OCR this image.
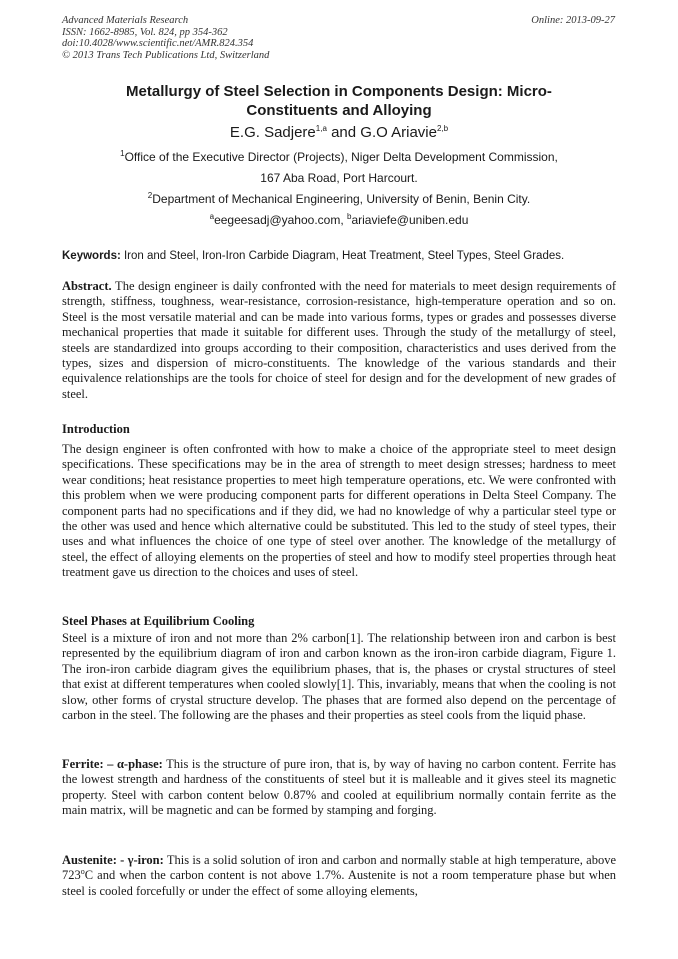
Advanced Materials Research
ISSN: 1662-8985, Vol. 824, pp 354-362
doi:10.4028/www.scientific.net/AMR.824.354
© 2013 Trans Tech Publications Ltd, Switzerland
Online: 2013-09-27
Metallurgy of Steel Selection in Components Design: Micro-
Constituents and Alloying
E.G. Sadjere$^{1,a}$ and G.O Ariavie$^{2,b}$
$^1$Office of the Executive Director (Projects), Niger Delta Development Commission,
167 Aba Road, Port Harcourt.
$^2$Department of Mechanical Engineering, University of Benin, Benin City.
$^a$eegeesadj@yahoo.com, $^b$ariaviefe@uniben.edu
Keywords: Iron and Steel, Iron-Iron Carbide Diagram, Heat Treatment, Steel Types, Steel Grades.

Abstract. The design engineer is daily confronted with the need for materials to meet design requirements of strength, stiffness, toughness, wear-resistance, corrosion-resistance, high-temperature operation and so on. Steel is the most versatile material and can be made into various forms, types or grades and possesses diverse mechanical properties that made it suitable for different uses. Through the study of the metallurgy of steel, steels are standardized into groups according to their composition, characteristics and uses derived from the types, sizes and dispersion of micro-constituents. The knowledge of the various standards and their equivalence relationships are the tools for choice of steel for design and for the development of new grades of steel.

Introduction

The design engineer is often confronted with how to make a choice of the appropriate steel to meet design specifications. These specifications may be in the area of strength to meet design stresses; hardness to meet wear conditions; heat resistance properties to meet high temperature operations, etc. We were confronted with this problem when we were producing component parts for different operations in Delta Steel Company. The component parts had no specifications and if they did, we had no knowledge of why a particular steel type or the other was used and hence which alternative could be substituted. This led to the study of steel types, their uses and what influences the choice of one type of steel over another. The knowledge of the metallurgy of steel, the effect of alloying elements on the properties of steel and how to modify steel properties through heat treatment gave us direction to the choices and uses of steel.

Steel Phases at Equilibrium Cooling

Steel is a mixture of iron and not more than 2% carbon[1]. The relationship between iron and carbon is best represented by the equilibrium diagram of iron and carbon known as the iron-iron carbide diagram, Figure 1. The iron-iron carbide diagram gives the equilibrium phases, that is, the phases or crystal structures of steel that exist at different temperatures when cooled slowly[1]. This, invariably, means that when the cooling is not slow, other forms of crystal structure develop. The phases that are formed also depend on the percentage of carbon in the steel. The following are the phases and their properties as steel cools from the liquid phase.

Ferrite: – α-phase: This is the structure of pure iron, that is, by way of having no carbon content. Ferrite has the lowest strength and hardness of the constituents of steel but it is malleable and it gives steel its magnetic property. Steel with carbon content below 0.87% and cooled at equilibrium normally contain ferrite as the main matrix, will be magnetic and can be formed by stamping and forging.

Austenite: - γ-iron: This is a solid solution of iron and carbon and normally stable at high temperature, above 723$^o$C and when the carbon content is not above 1.7%. Austenite is not a room temperature phase but when steel is cooled forcefully or under the effect of some alloying elements,
